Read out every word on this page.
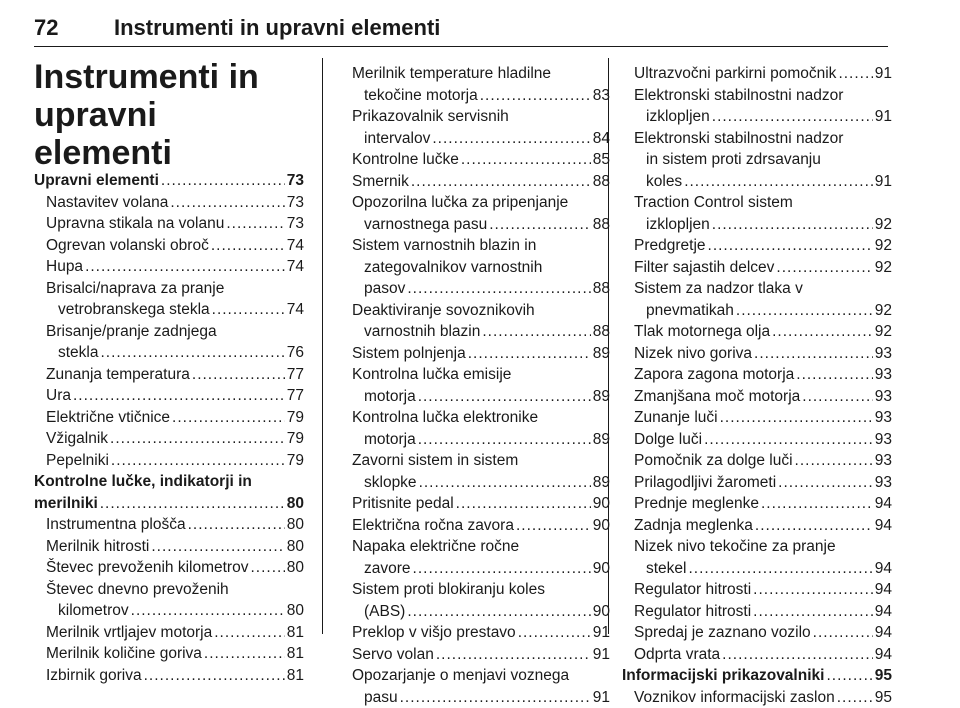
72	Instrumenti in upravni elementi
Instrumenti in
upravni elementi
Upravni elementi .....	73
Nastavitev volana .....	73
Upravna stikala na volanu .....	73
Ogrevan volanski obroč .....	74
Hupa .....	74
Brisalci/naprava za pranje
vetrobranskega stekla .....	74
Brisanje/pranje zadnjega
stekla .....	76
Zunanja temperatura .....	77
Ura .....	77
Električne vtičnice .....	79
Vžigalnik .....	79
Pepelniki .....	79
Kontrolne lučke, indikatorji in
merilniki .....	80
Instrumentna plošča .....	80
Merilnik hitrosti .....	80
Števec prevoženih kilometrov ..... 80
Števec dnevno prevoženih
kilometrov .....	80
Merilnik vrtljajev motorja .....	81
Merilnik količine goriva .....	81
Izbirnik goriva .....	81
Merilnik temperature hladilne
tekočine motorja .....	83
Prikazovalnik servisnih
intervalov .....	84
Kontrolne lučke .....	85
Smernik .....	88
Opozorilna lučka za pripenjanje
varnostnega pasu .....	88
Sistem varnostnih blazin in
zategovalnikov varnostnih
pasov .....	88
Deaktiviranje sovoznikovih
varnostnih blazin .....	88
Sistem polnjenja .....	89
Kontrolna lučka emisije
motorja .....	89
Kontrolna lučka elektronike
motorja .....	89
Zavorni sistem in sistem
sklopke .....	89
Pritisnite pedal .....	90
Električna ročna zavora .....	90
Napaka električne ročne
zavore .....	90
Sistem proti blokiranju koles
(ABS) .....	90
Preklop v višjo prestavo .....	91
Servo volan .....	91
Opozarjanje o menjavi voznega
pasu .....	91
Ultrazvočni parkirni pomočnik ..... 91
Elektronski stabilnostni nadzor
izklopljen .....	91
Elektronski stabilnostni nadzor
in sistem proti zdrsavanju
koles .....	91
Traction Control sistem
izklopljen .....	92
Predgretje .....	92
Filter sajastih delcev .....	92
Sistem za nadzor tlaka v
pnevmatikah .....	92
Tlak motornega olja .....	92
Nizek nivo goriva .....	93
Zapora zagona motorja .....	93
Zmanjšana moč motorja .....	93
Zunanje luči .....	93
Dolge luči .....	93
Pomočnik za dolge luči .....	93
Prilagodljivi žarometi .....	93
Prednje meglenke .....	94
Zadnja meglenka .....	94
Nizek nivo tekočine za pranje
stekel .....	94
Regulator hitrosti .....	94
Regulator hitrosti .....	94
Spredaj je zaznano vozilo .....	94
Odprta vrata .....	94
Informacijski prikazovalniki .....	95
Voznikov informacijski zaslon .....	95
